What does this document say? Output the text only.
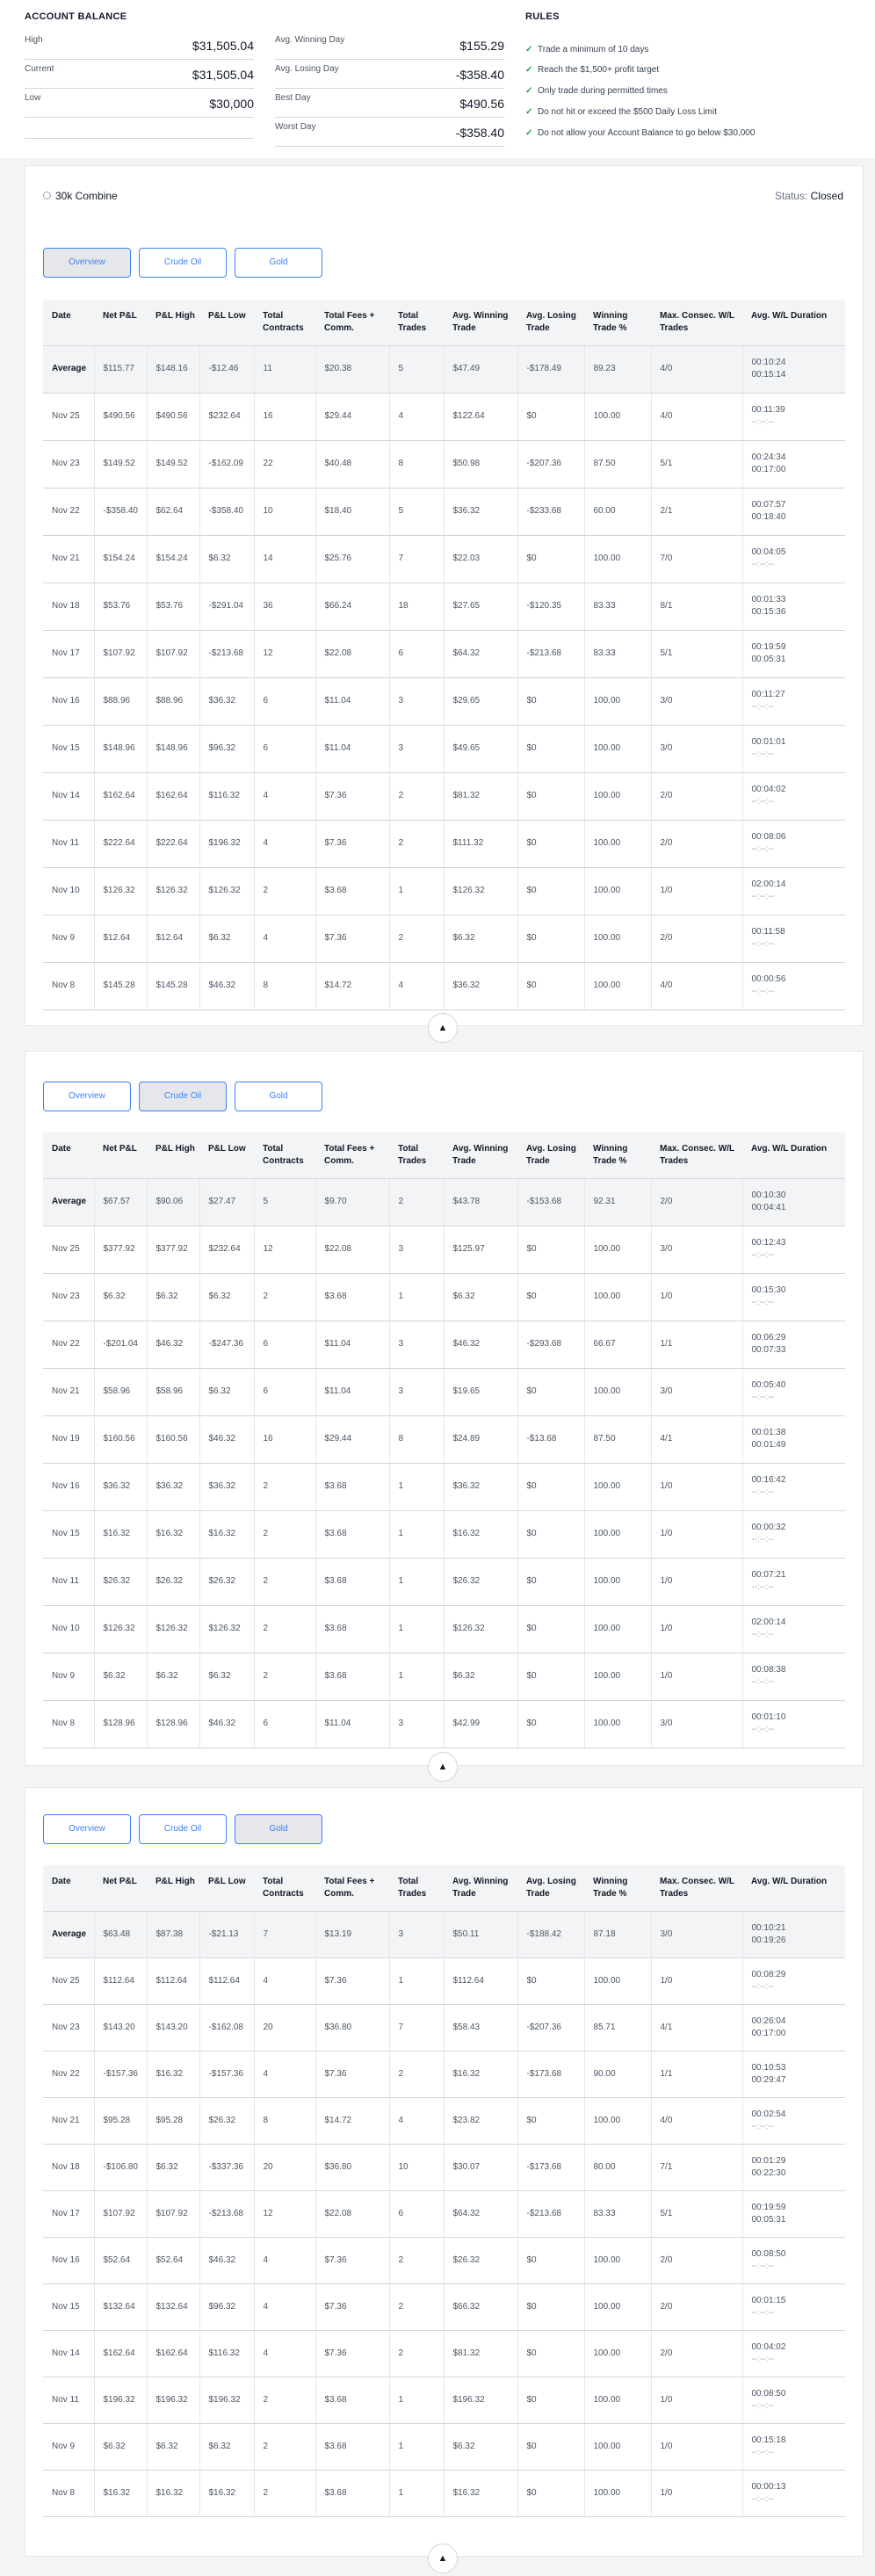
ACCOUNT BALANCE
High	$31,505.04
Current	$31,505.04
Low	$30,000
Avg. Winning Day	$155.29
Avg. Losing Day	-$358.40
Best Day	$490.56
Worst Day	-$358.40
RULES
✓ Trade a minimum of 10 days
✓ Reach the $1,500+ profit target
✓ Only trade during permitted times
✓ Do not hit or exceed the $500 Daily Loss Limit
✓ Do not allow your Account Balance to go below $30,000
30k Combine	Status: Closed
Overview	Crude Oil	Gold
Date	Net P&L	P&L High	P&L Low	Total Contracts	Total Fees + Comm.	Total Trades	Avg. Winning Trade	Avg. Losing Trade	Winning Trade %	Max. Consec. W/L Trades	Avg. W/L Duration
Average	$115.77	$148.16	-$12.46	11	$20.38	5	$47.49	-$178.49	89.23	4/0	00:10:24
00:15:14

Nov 25	$490.56	$490.56	$232.64	16	$29.44	4	$122.64	$0	100.00	4/0	00:11:39
--:--:--

Nov 23	$149.52	$149.52	-$162.09	22	$40.48	8	$50.98	-$207.36	87.50	5/1	00:24:34
00:17:00

Nov 22	-$358.40	$62.64	-$358.40	10	$18.40	5	$36.32	-$233.68	60.00	2/1	00:07:57
00:18:40

Nov 21	$154.24	$154.24	$6.32	14	$25.76	7	$22.03	$0	100.00	7/0	00:04:05
--:--:--

Nov 18	$53.76	$53.76	-$291.04	36	$66.24	18	$27.65	-$120.35	83.33	8/1	00:01:33
00:15:36

Nov 17	$107.92	$107.92	-$213.68	12	$22.08	6	$64.32	-$213.68	83.33	5/1	00:19:59
00:05:31

Nov 16	$88.96	$88.96	$36.32	6	$11.04	3	$29.65	$0	100.00	3/0	00:11:27
--:--:--

Nov 15	$148.96	$148.96	$96.32	6	$11.04	3	$49.65	$0	100.00	3/0	00:01:01
--:--:--

Nov 14	$162.64	$162.64	$116.32	4	$7.36	2	$81.32	$0	100.00	2/0	00:04:02
--:--:--

Nov 11	$222.64	$222.64	$196.32	4	$7.36	2	$111.32	$0	100.00	2/0	00:08:06
--:--:--

Nov 10	$126.32	$126.32	$126.32	2	$3.68	1	$126.32	$0	100.00	1/0	02:00:14
--:--:--

Nov 9	$12.64	$12.64	$6.32	4	$7.36	2	$6.32	$0	100.00	2/0	00:11:58
--:--:--

Nov 8	$145.28	$145.28	$46.32	8	$14.72	4	$36.32	$0	100.00	4/0	00:00:56
--:--:--
▲
Overview	Crude Oil	Gold
Date	Net P&L	P&L High	P&L Low	Total Contracts	Total Fees + Comm.	Total Trades	Avg. Winning Trade	Avg. Losing Trade	Winning Trade %	Max. Consec. W/L Trades	Avg. W/L Duration
Average	$67.57	$90.06	$27.47	5	$9.70	2	$43.78	-$153.68	92.31	2/0	00:10:30
00:04:41

Nov 25	$377.92	$377.92	$232.64	12	$22.08	3	$125.97	$0	100.00	3/0	00:12:43
--:--:--

Nov 23	$6.32	$6.32	$6.32	2	$3.68	1	$6.32	$0	100.00	1/0	00:15:30
--:--:--

Nov 22	-$201.04	$46.32	-$247.36	6	$11.04	3	$46.32	-$293.68	66.67	1/1	00:06:29
00:07:33

Nov 21	$58.96	$58.96	$6.32	6	$11.04	3	$19.65	$0	100.00	3/0	00:05:40
--:--:--

Nov 19	$160.56	$160.56	$46.32	16	$29.44	8	$24.89	-$13.68	87.50	4/1	00:01:38
00:01:49

Nov 16	$36.32	$36.32	$36.32	2	$3.68	1	$36.32	$0	100.00	1/0	00:16:42
--:--:--

Nov 15	$16.32	$16.32	$16.32	2	$3.68	1	$16.32	$0	100.00	1/0	00:00:32
--:--:--

Nov 11	$26.32	$26.32	$26.32	2	$3.68	1	$26.32	$0	100.00	1/0	00:07:21
--:--:--

Nov 10	$126.32	$126.32	$126.32	2	$3.68	1	$126.32	$0	100.00	1/0	02:00:14
--:--:--

Nov 9	$6.32	$6.32	$6.32	2	$3.68	1	$6.32	$0	100.00	1/0	00:08:38
--:--:--

Nov 8	$128.96	$128.96	$46.32	6	$11.04	3	$42.99	$0	100.00	3/0	00:01:10
--:--:--
▲
Overview	Crude Oil	Gold
Date	Net P&L	P&L High	P&L Low	Total Contracts	Total Fees + Comm.	Total Trades	Avg. Winning Trade	Avg. Losing Trade	Winning Trade %	Max. Consec. W/L Trades	Avg. W/L Duration
Average	$63.48	$87.38	-$21.13	7	$13.19	3	$50.11	-$188.42	87.18	3/0	00:10:21
00:19:26

Nov 25	$112.64	$112.64	$112.64	4	$7.36	1	$112.64	$0	100.00	1/0	00:08:29
--:--:--

Nov 23	$143.20	$143.20	-$162.08	20	$36.80	7	$58.43	-$207.36	85.71	4/1	00:26:04
00:17:00

Nov 22	-$157.36	$16.32	-$157.36	4	$7.36	2	$16.32	-$173.68	90.00	1/1	00:10:53
00:29:47

Nov 21	$95.28	$95.28	$26.32	8	$14.72	4	$23.82	$0	100.00	4/0	00:02:54
--:--:--

Nov 18	-$106.80	$6.32	-$337.36	20	$36.80	10	$30.07	-$173.68	80.00	7/1	00:01:29
00:22:30

Nov 17	$107.92	$107.92	-$213.68	12	$22.08	6	$64.32	-$213.68	83.33	5/1	00:19:59
00:05:31

Nov 16	$52.64	$52.64	$46.32	4	$7.36	2	$26.32	$0	100.00	2/0	00:08:50
--:--:--

Nov 15	$132.64	$132.64	$96.32	4	$7.36	2	$66.32	$0	100.00	2/0	00:01:15
--:--:--

Nov 14	$162.64	$162.64	$116.32	4	$7.36	2	$81.32	$0	100.00	2/0	00:04:02
--:--:--

Nov 11	$196.32	$196.32	$196.32	2	$3.68	1	$196.32	$0	100.00	1/0	00:08:50
--:--:--

Nov 9	$6.32	$6.32	$6.32	2	$3.68	1	$6.32	$0	100.00	1/0	00:15:18
--:--:--

Nov 8	$16.32	$16.32	$16.32	2	$3.68	1	$16.32	$0	100.00	1/0	00:00:13
--:--:--
▲
